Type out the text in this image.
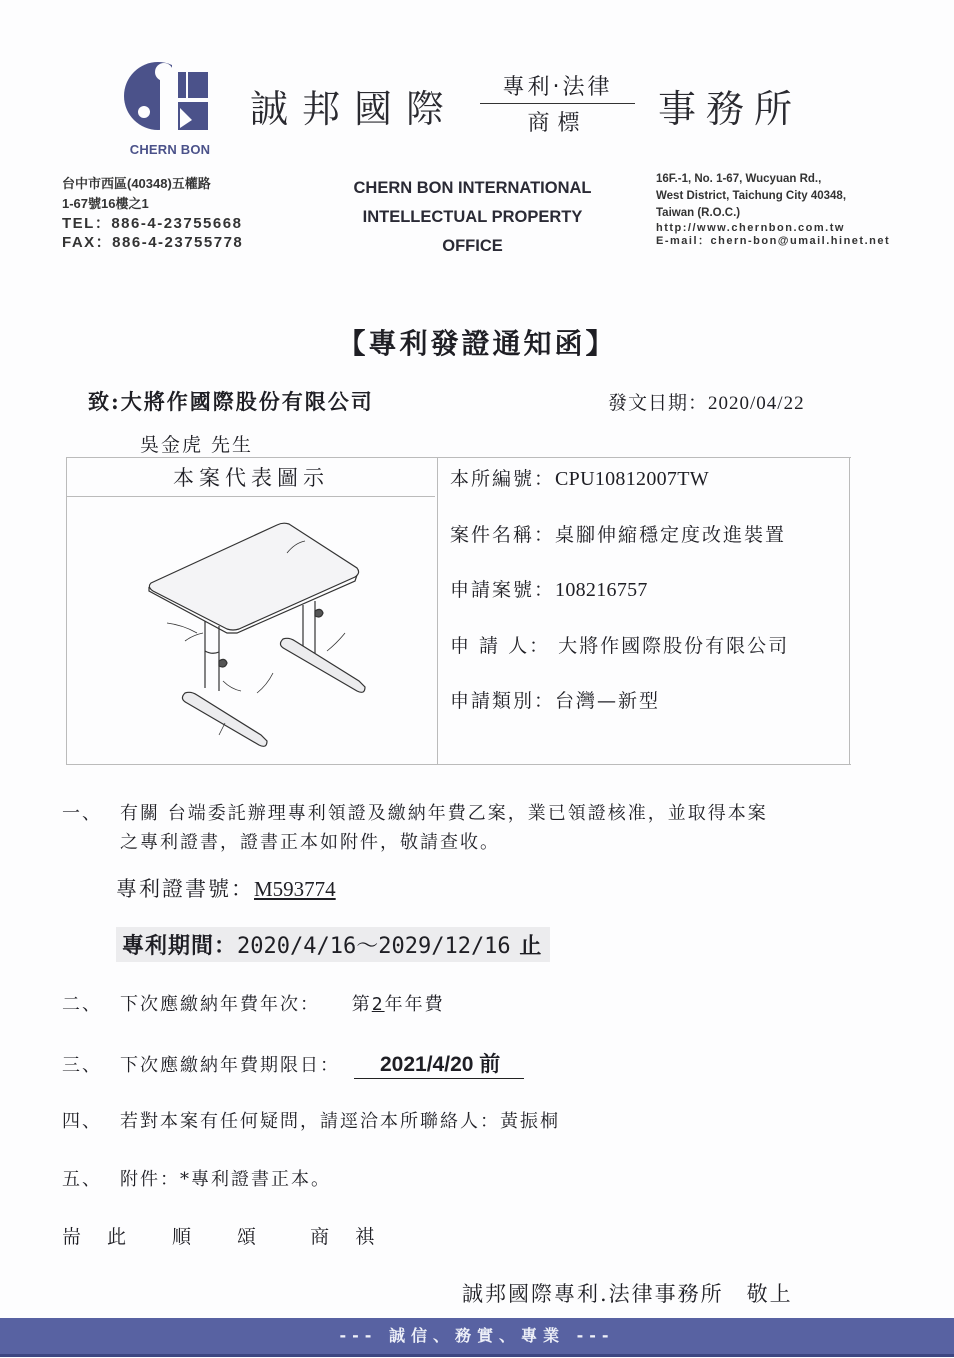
CHERN BON
誠邦國際	專利‧法律
商標	事務所
台中市西區(40348)五權路
1-67號16樓之1
TEL：886-4-23755668
FAX：886-4-23755778
CHERN BON INTERNATIONAL
INTELLECTUAL PROPERTY
OFFICE
16F.-1, No. 1-67, Wucyuan Rd.,
West District, Taichung City 40348,
Taiwan (R.O.C.)
http://www.chernbon.com.tw
E-mail：chern-bon@umail.hinet.net
【專利發證通知函】
致:大將作國際股份有限公司	發文日期：2020/04/22
吳金虎 先生
本案代表圖示	本所編號：CPU10812007TW
案件名稱：桌腳伸縮穩定度改進裝置
申請案號：108216757
申 請 人： 大將作國際股份有限公司
申請類別：台灣—新型
一、 有關 台端委託辦理專利領證及繳納年費乙案，業已領證核准，並取得本案
之專利證書，證書正本如附件，敬請查收。
專利證書號：M593774
專利期間：2020/4/16～2029/12/16 止
二、 下次應繳納年費年次： 第2年年費
三、 下次應繳納年費期限日： 2021/4/20 前
四、 若對本案有任何疑問，請逕洽本所聯絡人：黃振桐
五、 附件：*專利證書正本。
耑 此 順 頌	商 祺
誠邦國際專利.法律事務所　敬上
--- 誠信、務實、專業 ---
